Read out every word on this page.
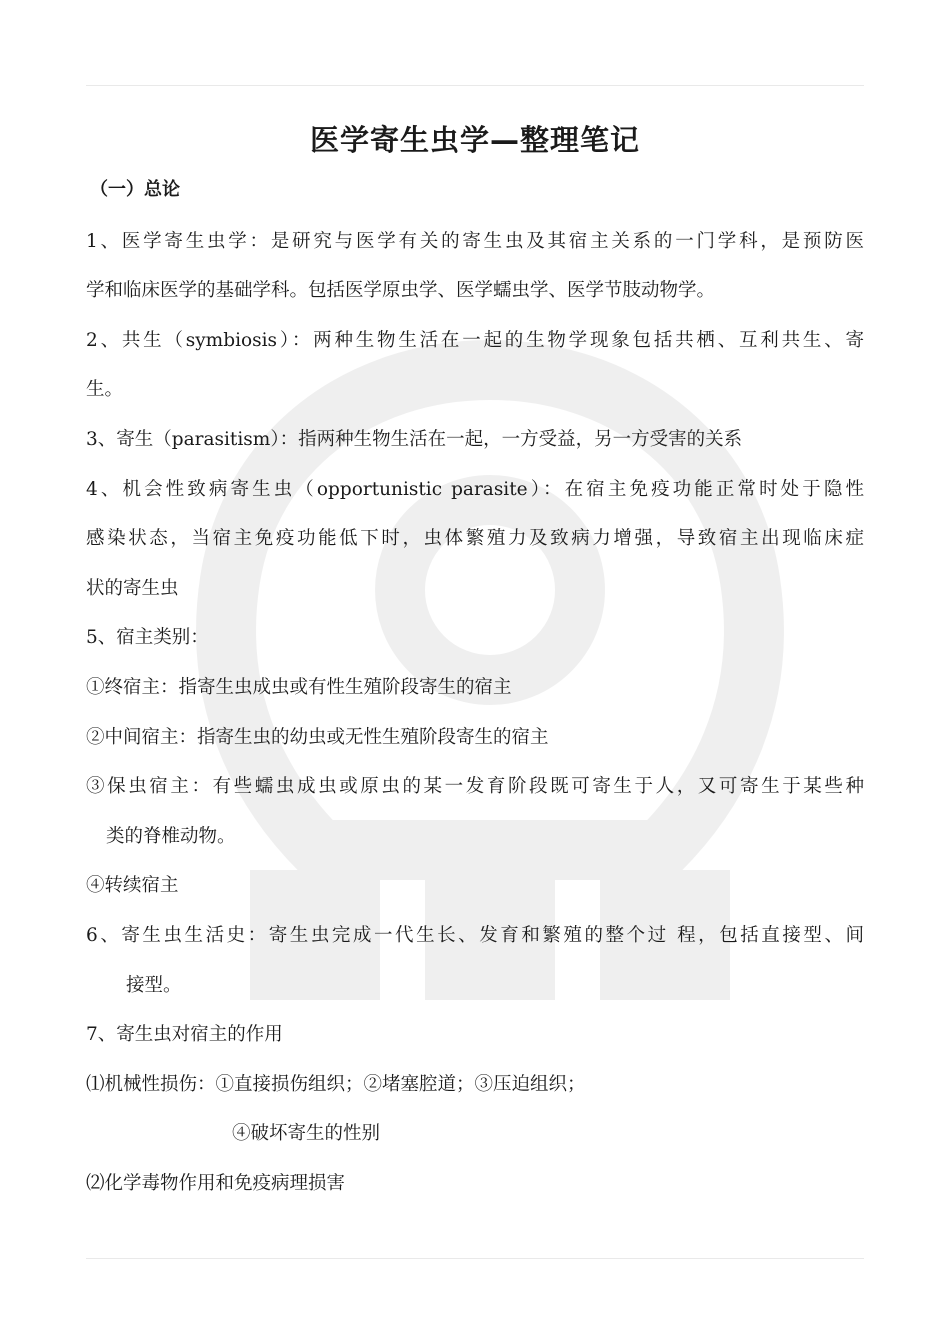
医学寄生虫学—整理笔记

（一）总论

1、医学寄生虫学：是研究与医学有关的寄生虫及其宿主关系的一门学科，是预防医

学和临床医学的基础学科。包括医学原虫学、医学蠕虫学、医学节肢动物学。

2、共生（symbiosis）：两种生物生活在一起的生物学现象包括共栖、互利共生、寄

生。

3、寄生（parasitism）：指两种生物生活在一起，一方受益，另一方受害的关系

4、机会性致病寄生虫（opportunistic parasite）：在宿主免疫功能正常时处于隐性

感染状态，当宿主免疫功能低下时，虫体繁殖力及致病力增强，导致宿主出现临床症

状的寄生虫

5、宿主类别：

①终宿主：指寄生虫成虫或有性生殖阶段寄生的宿主

②中间宿主：指寄生虫的幼虫或无性生殖阶段寄生的宿主

③保虫宿主：有些蠕虫成虫或原虫的某一发育阶段既可寄生于人，又可寄生于某些种

类的脊椎动物。

④转续宿主

6、寄生虫生活史：寄生虫完成一代生长、发育和繁殖的整个过 程，包括直接型、间

接型。

7、寄生虫对宿主的作用

⑴机械性损伤：①直接损伤组织；②堵塞腔道；③压迫组织；

④破坏寄生的性别

⑵化学毒物作用和免疫病理损害
